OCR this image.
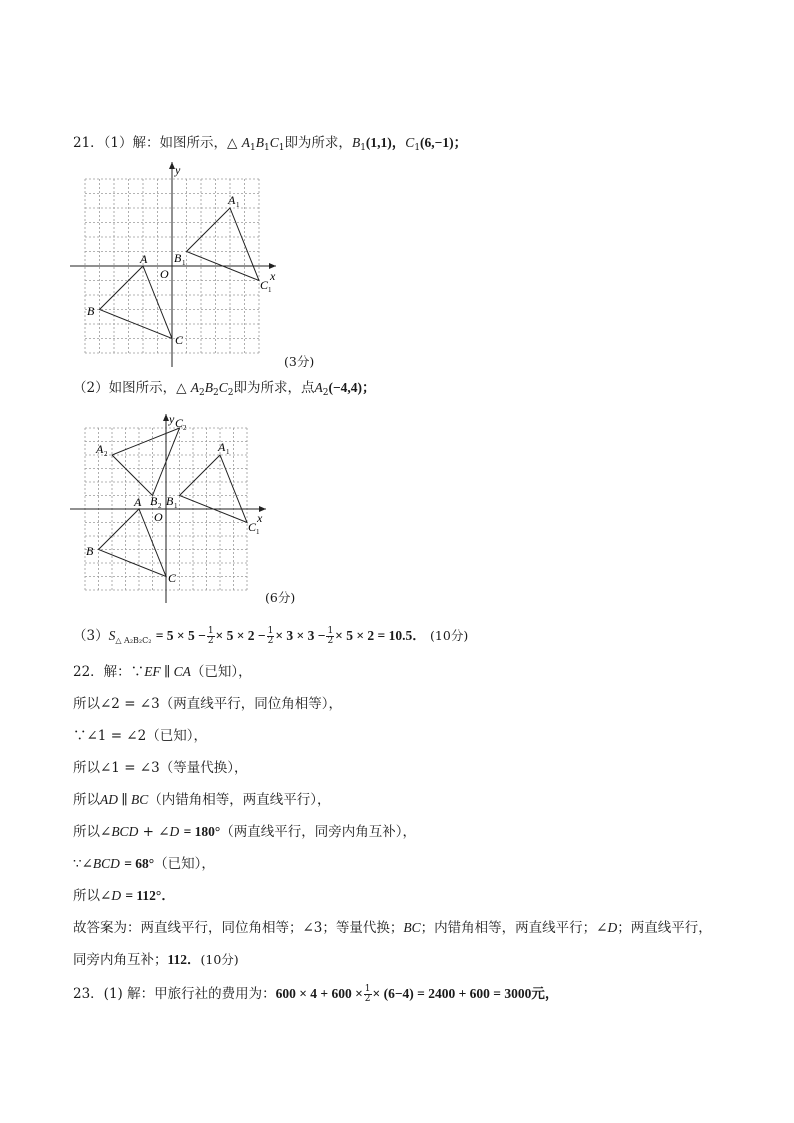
21．（1）解：如图所示，△ $A_1B_1C_1$即为所求，$B_1(1,1)$，$C_1(6,-1)$；
y
x
O
A
B
C
A 1
B 1
C 1
(3分)
（2）如图所示，△ $A_2B_2C_2$即为所求，点$A_2(-4,4)$；
y
x
O
A
B
C
A 1
B 1
C 1
A 2
B 2
C 2
(6分)
$(3)S_{\triangle A_2B_2C_2} = 5 \times 5 - \frac{1}{2} \times 5 \times 2 - \frac{1}{2} \times 3 \times 3 - \frac{1}{2} \times 5 \times 2 = 10.5$． (10分)
22．解：∵EF ∥ CA（已知），
所以∠2 = ∠3（两直线平行，同位角相等），
∵∠1 = ∠2（已知），
所以∠1 = ∠3（等量代换），
所以AD ∥ BC（内错角相等，两直线平行），
所以∠BCD + ∠D = 180°（两直线平行，同旁内角互补），
∵∠BCD = 68°（已知），
所以∠D = 112°．
故答案为：两直线平行，同位角相等；∠3；等量代换；BC；内错角相等，两直线平行；∠D；两直线平行，
同旁内角互补；112．(10分)
23．(1) 解：甲旅行社的费用为：$600 \times 4 + 600 \times \frac{1}{2} \times (6-4) = 2400 + 600 = 3000$元，
